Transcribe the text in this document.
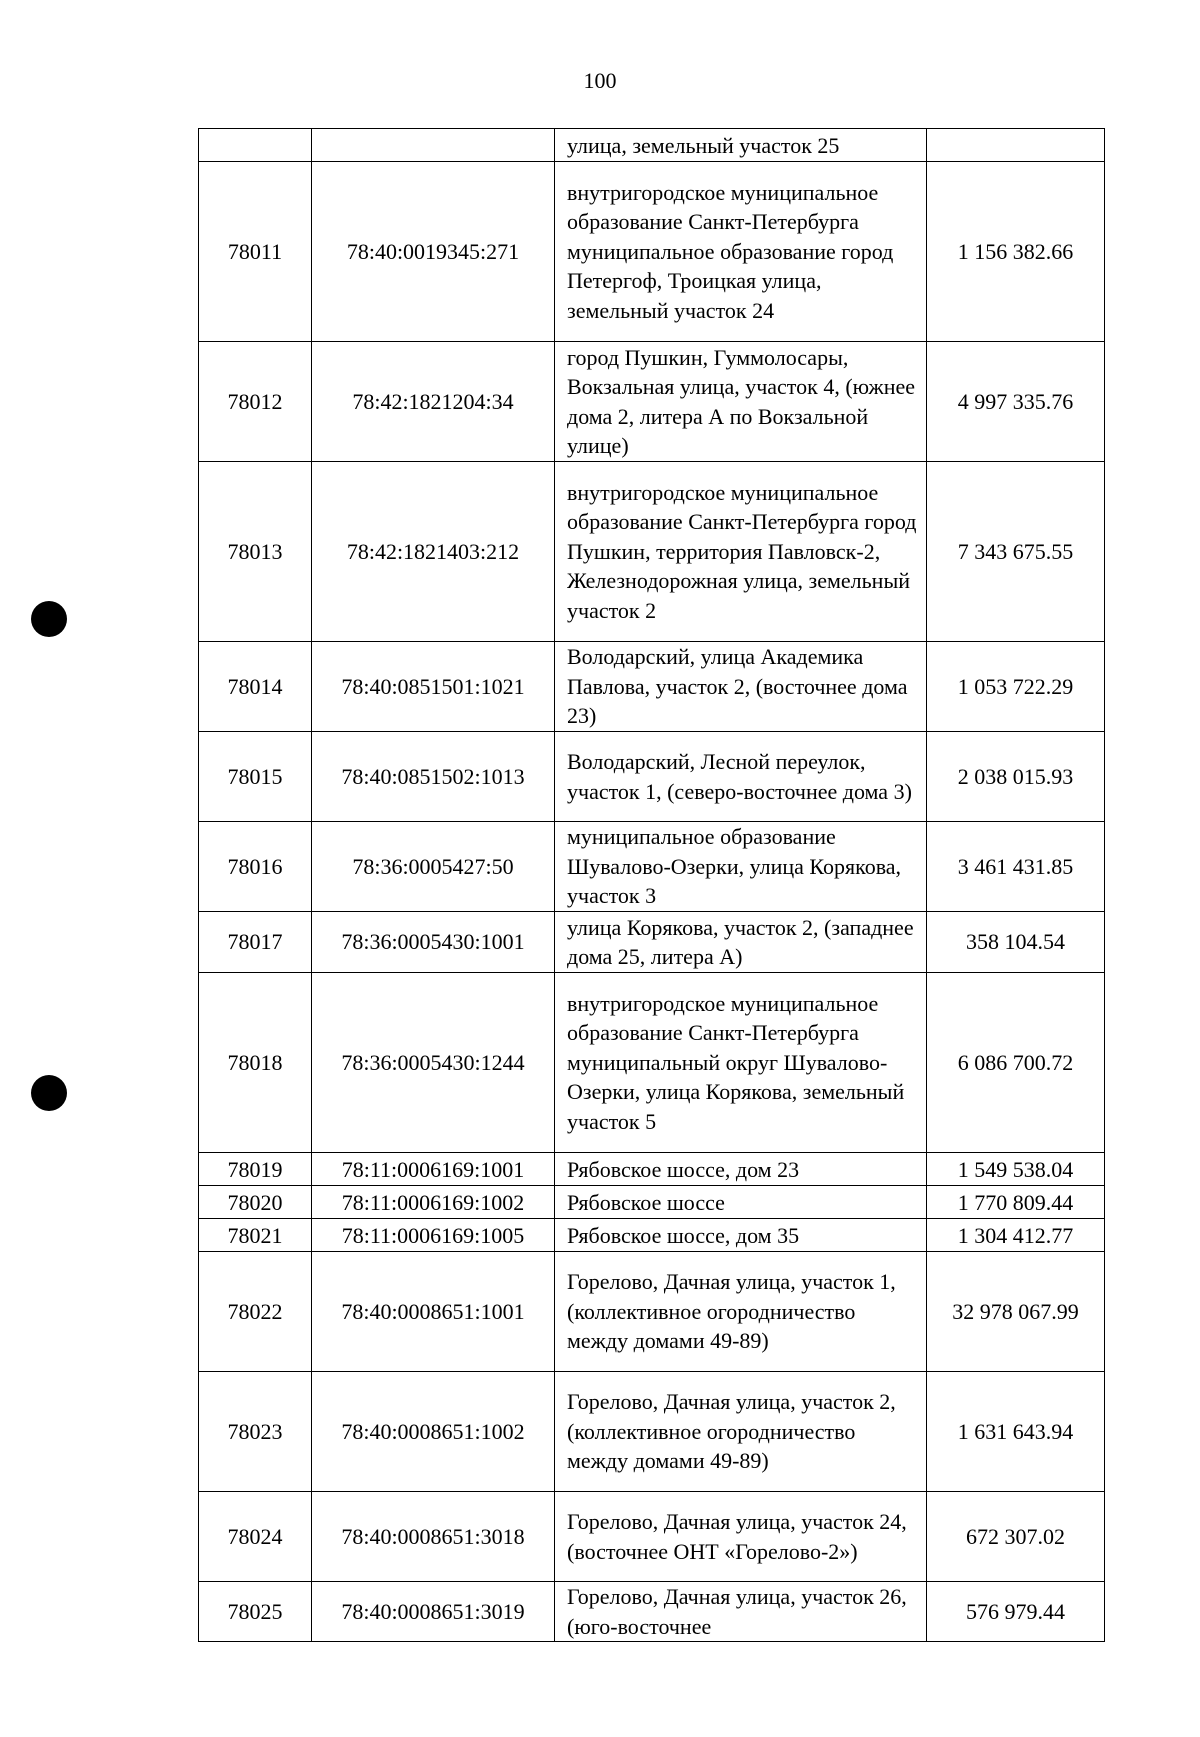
100
		улица, земельный участок 25	
78011	78:40:0019345:271	внутригородское муниципальное образование Санкт-Петербурга муниципальное образование город Петергоф, Троицкая улица, земельный участок 24	1 156 382.66
78012	78:42:1821204:34	город Пушкин, Гуммолосары, Вокзальная улица, участок 4, (южнее дома 2, литера А по Вокзальной улице)	4 997 335.76
78013	78:42:1821403:212	внутригородское муниципальное образование Санкт-Петербурга город Пушкин, территория Павловск-2, Железнодорожная улица, земельный участок 2	7 343 675.55
78014	78:40:0851501:1021	Володарский, улица Академика Павлова, участок 2, (восточнее дома 23)	1 053 722.29
78015	78:40:0851502:1013	Володарский, Лесной переулок, участок 1, (северо-восточнее дома 3)	2 038 015.93
78016	78:36:0005427:50	муниципальное образование Шувалово-Озерки, улица Корякова, участок 3	3 461 431.85
78017	78:36:0005430:1001	улица Корякова, участок 2, (западнее дома 25, литера А)	358 104.54
78018	78:36:0005430:1244	внутригородское муниципальное образование Санкт-Петербурга муниципальный округ Шувалово-Озерки, улица Корякова, земельный участок 5	6 086 700.72
78019	78:11:0006169:1001	Рябовское шоссе, дом 23	1 549 538.04
78020	78:11:0006169:1002	Рябовское шоссе	1 770 809.44
78021	78:11:0006169:1005	Рябовское шоссе, дом 35	1 304 412.77
78022	78:40:0008651:1001	Горелово, Дачная улица, участок 1, (коллективное огородничество между домами 49-89)	32 978 067.99
78023	78:40:0008651:1002	Горелово, Дачная улица, участок 2, (коллективное огородничество между домами 49-89)	1 631 643.94
78024	78:40:0008651:3018	Горелово, Дачная улица, участок 24, (восточнее ОНТ «Горелово-2»)	672 307.02
78025	78:40:0008651:3019	Горелово, Дачная улица, участок 26, (юго-восточнее	576 979.44
